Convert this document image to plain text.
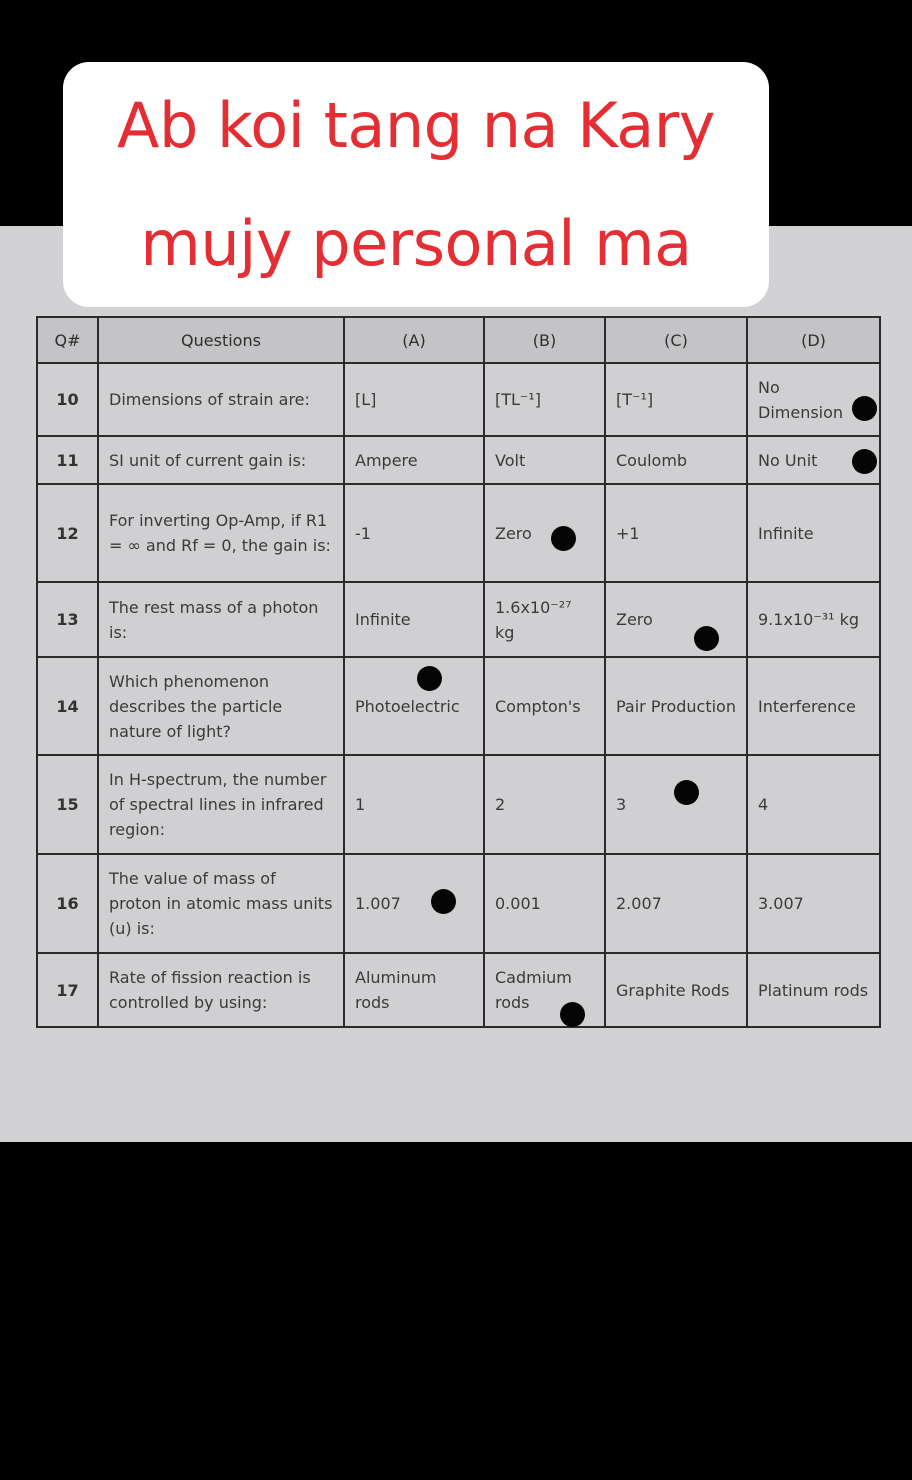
Ab koi tang na Kary
mujy personal ma
Q#	Questions	(A)	(B)	(C)	(D)
10	Dimensions of strain are:	[L]	[TL⁻¹]	[T⁻¹]	No Dimension

11	SI unit of current gain is:	Ampere	Volt	Coulomb	No Unit

12	For inverting Op-Amp, if R1 = ∞ and Rf = 0, the gain is:	-1	Zero	+1	Infinite
13	The rest mass of a photon is:	Infinite	1.6x10⁻²⁷ kg	Zero	9.1x10⁻³¹ kg
14	Which phenomenon describes the particle nature of light?	Photoelectric	Compton's	Pair Production	Interference
15	In H-spectrum, the number of spectral lines in infrared region:	1	2	3	4
16	The value of mass of proton in atomic mass units (u) is:	1.007	0.001	2.007	3.007
17	Rate of fission reaction is controlled by using:	Aluminum rods	Cadmium rods	Graphite Rods	Platinum rods
